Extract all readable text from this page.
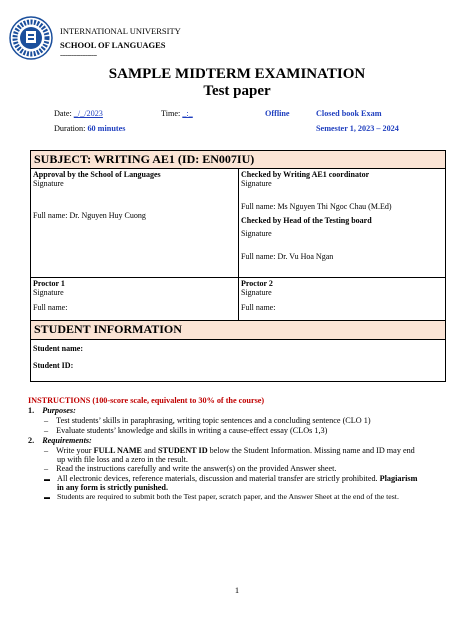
INTERNATIONAL UNIVERSITY
SCHOOL OF LANGUAGES
--------------------
SAMPLE MIDTERM EXAMINATION
Test paper
Date: _/_/2023	Time: _:_	Offline	Closed book Exam
Duration: 60 minutes	Semester 1, 2023 – 2024
SUBJECT: WRITING AE1 (ID: EN007IU)
Approval by the School of Languages
Signature
Full name: Dr. Nguyen Huy Cuong
Checked by Writing AE1 coordinator
Signature
Full name: Ms Nguyen Thi Ngoc Chau (M.Ed)
Checked by Head of the Testing board
Signature
Full name: Dr. Vu Hoa Ngan
Proctor 1
Signature
Full name:
Proctor 2
Signature
Full name:
STUDENT INFORMATION
Student name:
Student ID:
INSTRUCTIONS (100-score scale, equivalent to 30% of the course)
1. Purposes:
– Test students’ skills in paraphrasing, writing topic sentences and a concluding sentence (CLO 1)
– Evaluate students’ knowledge and skills in writing a cause-effect essay (CLOs 1,3)
2. Requirements:
– Write your FULL NAME and STUDENT ID below the Student Information. Missing name and ID may end
up with file loss and a zero in the result.
– Read the instructions carefully and write the answer(s) on the provided Answer sheet.
▬ All electronic devices, reference materials, discussion and material transfer are strictly prohibited. Plagiarism
in any form is strictly punished.
▬ Students are required to submit both the Test paper, scratch paper, and the Answer Sheet at the end of the test.
1
